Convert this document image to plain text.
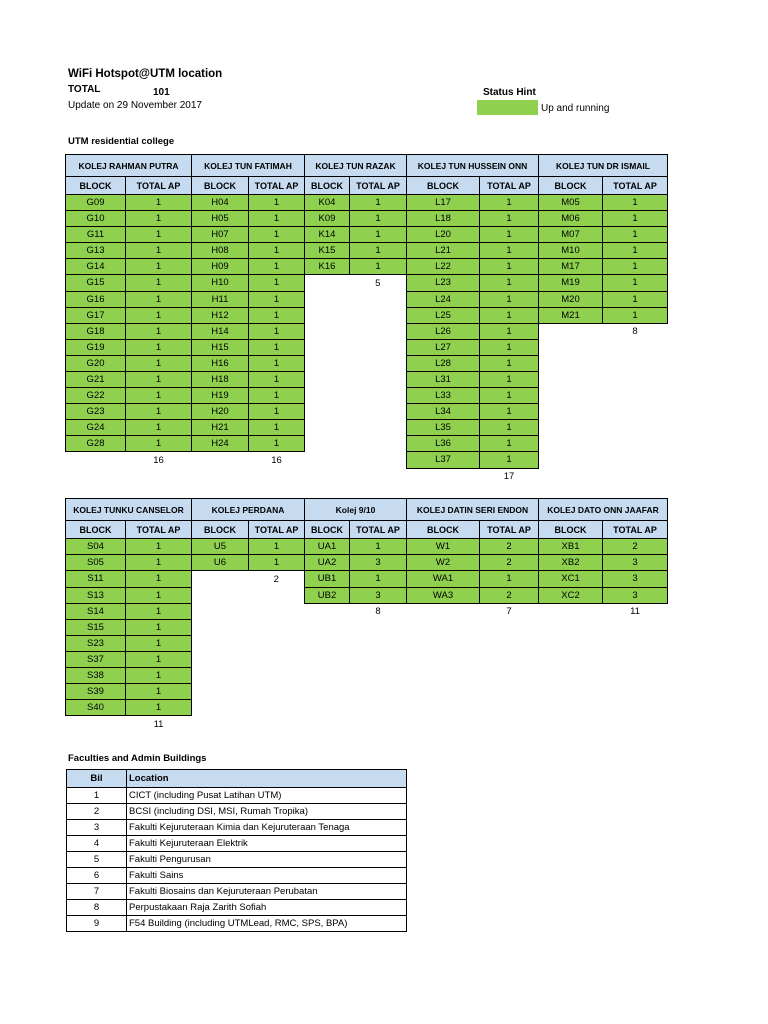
WiFi Hotspot@UTM location
TOTAL	101
Update on 29 November 2017
Status Hint
Up and running
UTM residential college
KOLEJ RAHMAN PUTRA		KOLEJ TUN FATIMAH		KOLEJ TUN RAZAK		KOLEJ TUN HUSSEIN ONN		KOLEJ TUN DR ISMAIL	
BLOCK	TOTAL AP	BLOCK	TOTAL AP	BLOCK	TOTAL AP	BLOCK	TOTAL AP	BLOCK	TOTAL AP
G09	1	H04	1	K04	1	L17	1	M05	1
G10	1	H05	1	K09	1	L18	1	M06	1
G11	1	H07	1	K14	1	L20	1	M07	1
G13	1	H08	1	K15	1	L21	1	M10	1
G14	1	H09	1	K16	1	L22	1	M17	1
G15	1	H10	1		5	L23	1	M19	1
G16	1	H11	1			L24	1	M20	1
G17	1	H12	1			L25	1	M21	1
G18	1	H14	1			L26	1		8
G19	1	H15	1			L27	1		
G20	1	H16	1			L28	1		
G21	1	H18	1			L31	1		
G22	1	H19	1			L33	1		
G23	1	H20	1			L34	1		
G24	1	H21	1			L35	1		
G28	1	H24	1			L36	1		
	16		16			L37	1		
							17		
KOLEJ TUNKU CANSELOR		KOLEJ PERDANA		Kolej 9/10		KOLEJ DATIN SERI ENDON		KOLEJ DATO ONN JAAFAR	
BLOCK	TOTAL AP	BLOCK	TOTAL AP	BLOCK	TOTAL AP	BLOCK	TOTAL AP	BLOCK	TOTAL AP
S04	1	U5	1	UA1	1	W1	2	XB1	2
S05	1	U6	1	UA2	3	W2	2	XB2	3
S11	1		2	UB1	1	WA1	1	XC1	3
S13	1			UB2	3	WA3	2	XC2	3
S14	1				8		7		11
S15	1								
S23	1								
S37	1								
S38	1								
S39	1								
S40	1								
	11								
Faculties and Admin Buildings
Bil	Location
1	CICT (including Pusat Latihan UTM)
2	BCSI (including DSI, MSI, Rumah Tropika)
3	Fakulti Kejuruteraan Kimia dan Kejuruteraan Tenaga
4	Fakulti Kejuruteraan Elektrik
5	Fakulti Pengurusan
6	Fakulti Sains
7	Fakulti Biosains dan Kejuruteraan Perubatan
8	Perpustakaan Raja Zarith Sofiah
9	F54 Building (including UTMLead, RMC, SPS, BPA)
